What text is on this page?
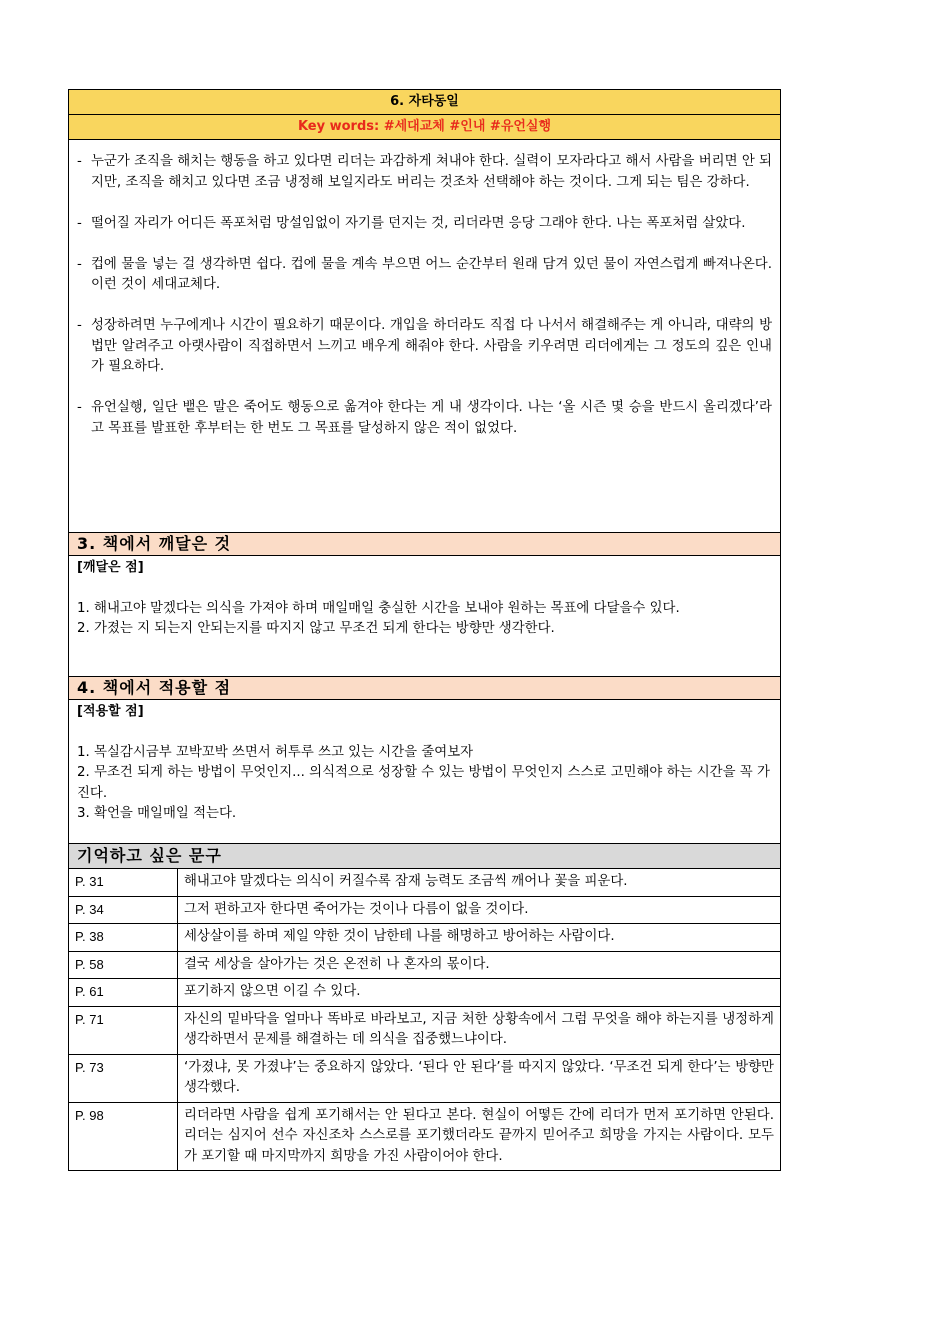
6. 자타동일
Key words: #세대교체 #인내 #유언실행
- 누군가 조직을 해치는 행동을 하고 있다면 리더는 과감하게 쳐내야 한다. 실력이 모자라다고 해서 사람을 버리면 안 되지만, 조직을 해치고 있다면 조금 냉정해 보일지라도 버리는 것조차 선택해야 하는 것이다. 그게 되는 팀은 강하다.
- 떨어질 자리가 어디든 폭포처럼 망설임없이 자기를 던지는 것, 리더라면 응당 그래야 한다. 나는 폭포처럼 살았다.
- 컵에 물을 넣는 걸 생각하면 쉽다. 컵에 물을 계속 부으면 어느 순간부터 원래 담겨 있던 물이 자연스럽게 빠져나온다. 이런 것이 세대교체다.
- 성장하려면 누구에게나 시간이 필요하기 때문이다. 개입을 하더라도 직접 다 나서서 해결해주는 게 아니라, 대략의 방법만 알려주고 아랫사람이 직접하면서 느끼고 배우게 해줘야 한다. 사람을 키우려면 리더에게는 그 정도의 깊은 인내가 필요하다.
- 유언실행, 일단 뱉은 말은 죽어도 행동으로 옮겨야 한다는 게 내 생각이다. 나는 ‘올 시즌 몇 승을 반드시 올리겠다’라고 목표를 발표한 후부터는 한 번도 그 목표를 달성하지 않은 적이 없었다.
3. 책에서 깨달은 것
[깨달은 점]
1. 해내고야 말겠다는 의식을 가져야 하며 매일매일 충실한 시간을 보내야 원하는 목표에 다달을수 있다.
2. 가졌는 지 되는지 안되는지를 따지지 않고 무조건 되게 한다는 방향만 생각한다.
4. 책에서 적용할 점
[적용할 점]
1. 목실감시금부 꼬박꼬박 쓰면서 허투루 쓰고 있는 시간을 줄여보자
2. 무조건 되게 하는 방법이 무엇인지... 의식적으로 성장할 수 있는 방법이 무엇인지 스스로 고민해야 하는 시간을 꼭 가진다.
3. 확언을 매일매일 적는다.
기억하고 싶은 문구
P. 31	해내고야 말겠다는 의식이 커질수록 잠재 능력도 조금씩 깨어나 꽃을 피운다.
P. 34	그저 편하고자 한다면 죽어가는 것이나 다름이 없을 것이다.
P. 38	세상살이를 하며 제일 약한 것이 남한테 나를 해명하고 방어하는 사람이다.
P. 58	결국 세상을 살아가는 것은 온전히 나 혼자의 몫이다.
P. 61	포기하지 않으면 이길 수 있다.
P. 71	자신의 밑바닥을 얼마나 똑바로 바라보고, 지금 처한 상황속에서 그럼 무엇을 해야 하는지를 냉정하게 생각하면서 문제를 해결하는 데 의식을 집중했느냐이다.
P. 73	‘가졌냐, 못 가졌냐’는 중요하지 않았다. ‘된다 안 된다’를 따지지 않았다. ‘무조건 되게 한다’는 방향만 생각했다.
P. 98	리더라면 사람을 쉽게 포기해서는 안 된다고 본다. 현실이 어떻든 간에 리더가 먼저 포기하면 안된다. 리더는 심지어 선수 자신조차 스스로를 포기했더라도 끝까지 믿어주고 희망을 가지는 사람이다. 모두가 포기할 때 마지막까지 희망을 가진 사람이어야 한다.
